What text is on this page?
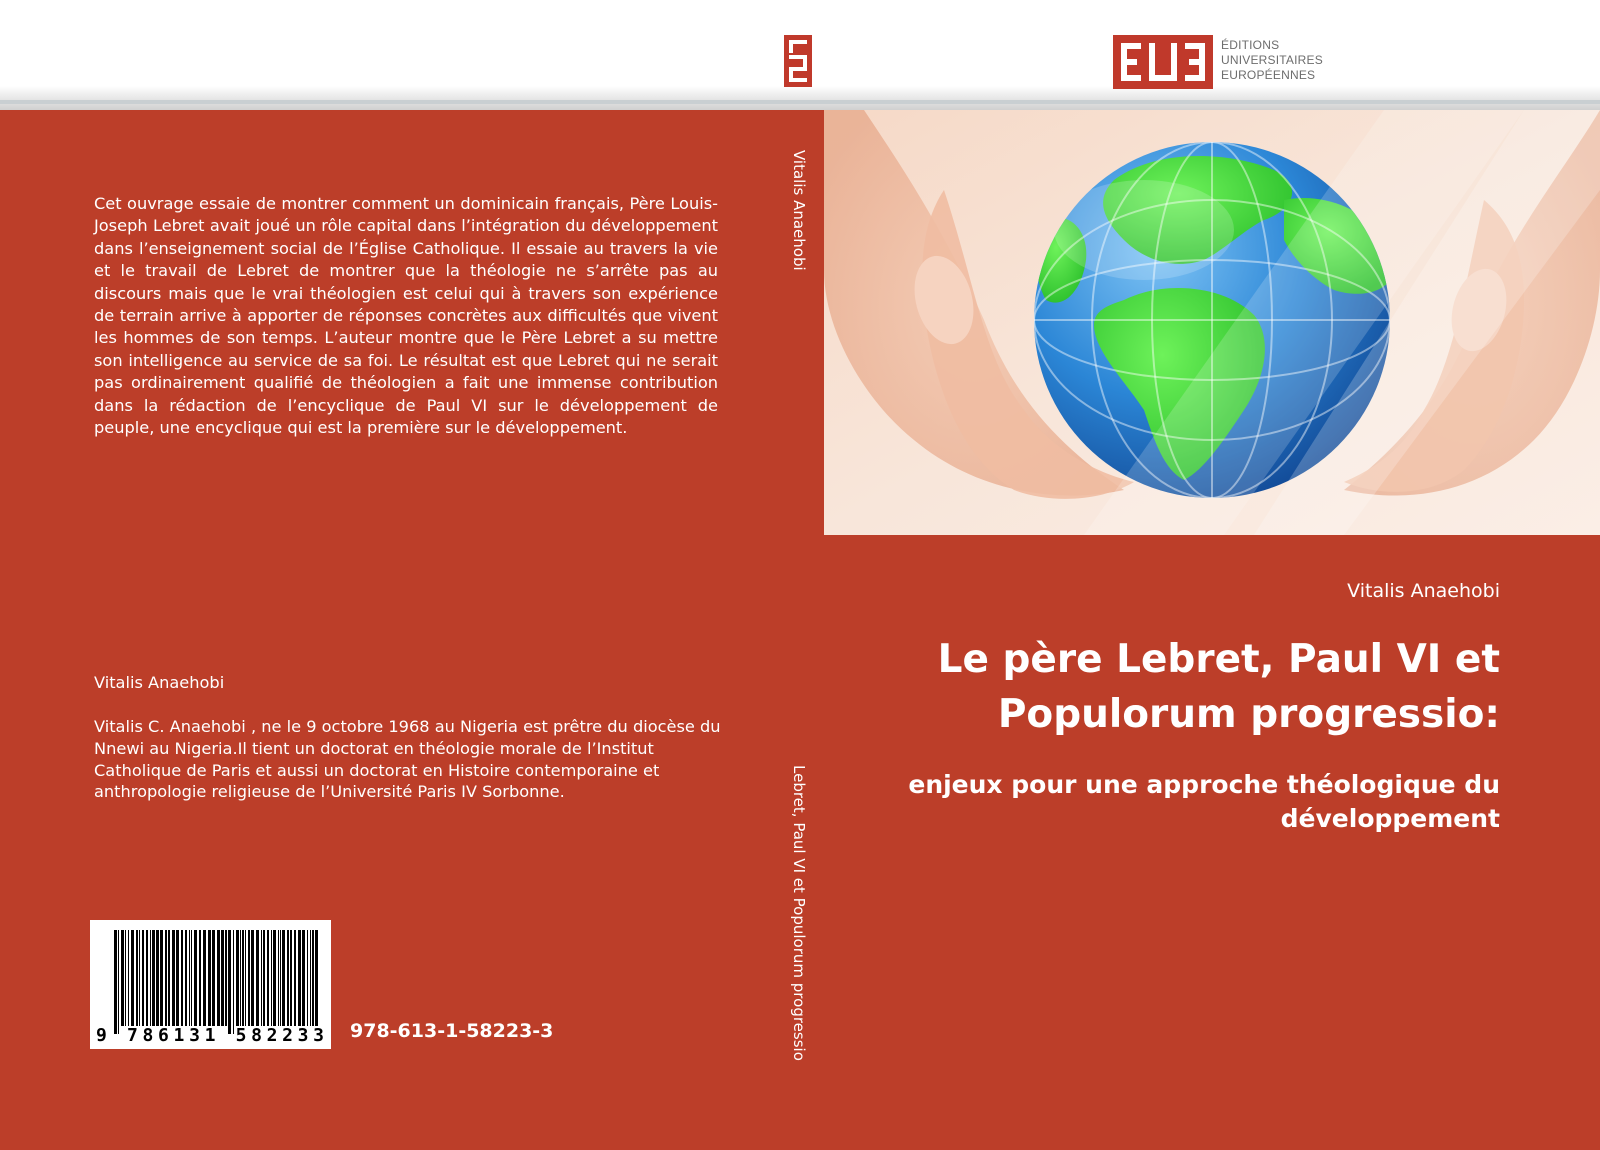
ÉDITIONS
UNIVERSITAIRES
EUROPÉENNES

Cet ouvrage essaie de montrer comment un dominicain français, Père Louis-Joseph Lebret avait joué un rôle capital dans l’intégration du développement dans l’enseignement social de l’Église Catholique. Il essaie au travers la vie et le travail de Lebret de montrer que la théologie ne s’arrête pas au discours mais que le vrai théologien est celui qui à travers son expérience de terrain arrive à apporter de réponses concrètes aux difficultés que vivent les hommes de son temps. L’auteur montre que le Père Lebret a su mettre son intelligence au service de sa foi. Le résultat est que Lebret qui ne serait pas ordinairement qualifié de théologien a fait une immense contribution dans la rédaction de l’encyclique de Paul VI sur le développement de peuple, une encyclique qui est la première sur le développement.

Vitalis Anaehobi

Vitalis C. Anaehobi , ne le 9 octobre 1968 au Nigeria est prêtre du diocèse du Nnewi au Nigeria.Il tient un doctorat en théologie morale de l’Institut Catholique de Paris et aussi un doctorat en Histoire contemporaine et anthropologie religieuse de l’Université Paris IV Sorbonne.

9 786131 582233 978-613-1-58223-3
Vitalis Anaehobi
Lebret, Paul VI et Populorum progressio
Vitalis Anaehobi
Le père Lebret, Paul VI et
Populorum progressio:
enjeux pour une approche théologique du
développement
